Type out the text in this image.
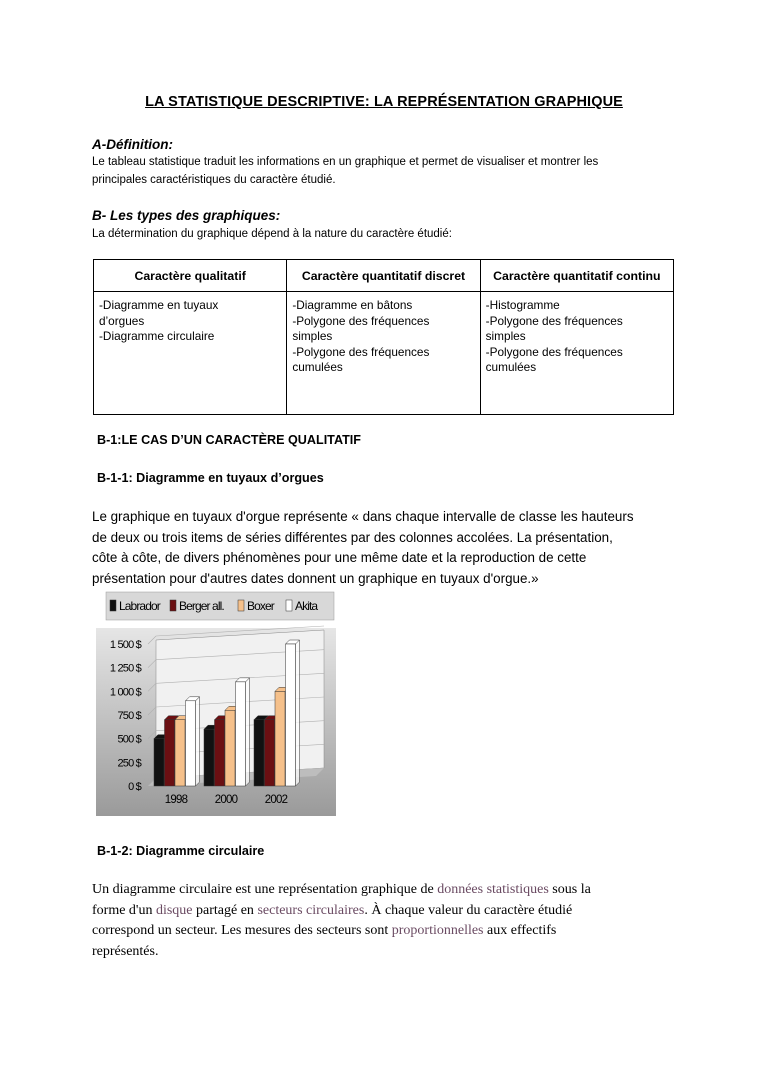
LA STATISTIQUE DESCRIPTIVE: LA REPRÉSENTATION GRAPHIQUE
A-Définition:
Le tableau statistique traduit les informations en un graphique et permet de visualiser et montrer les
principales caractéristiques du caractère étudié.
B- Les types des graphiques:
La détermination du graphique dépend à la nature du caractère étudié:
Caractère qualitatif	Caractère quantitatif discret	Caractère quantitatif continu

-Diagramme en tuyaux
d’orgues
-Diagramme circulaire	-Diagramme en bâtons
-Polygone des fréquences
simples
-Polygone des fréquences
cumulées	-Histogramme
-Polygone des fréquences
simples
-Polygone des fréquences
cumulées
B-1:LE CAS D’UN CARACTÈRE QUALITATIF
B-1-1: Diagramme en tuyaux d’orgues
Le graphique en tuyaux d'orgue représente « dans chaque intervalle de classe les hauteurs
de deux ou trois items de séries différentes par des colonnes accolées. La présentation,
côte à côte, de divers phénomènes pour une même date et la reproduction de cette
présentation pour d'autres dates donnent un graphique en tuyaux d'orgue.»
Labrador Berger all. Boxer Akita
0 $
250 $
500 $
750 $
1 000 $
1 250 $
1 500 $
1998 2000 2002
B-1-2: Diagramme circulaire
Un diagramme circulaire est une représentation graphique de données statistiques sous la
forme d'un disque partagé en secteurs circulaires. À chaque valeur du caractère étudié
correspond un secteur. Les mesures des secteurs sont proportionnelles aux effectifs
représentés.
